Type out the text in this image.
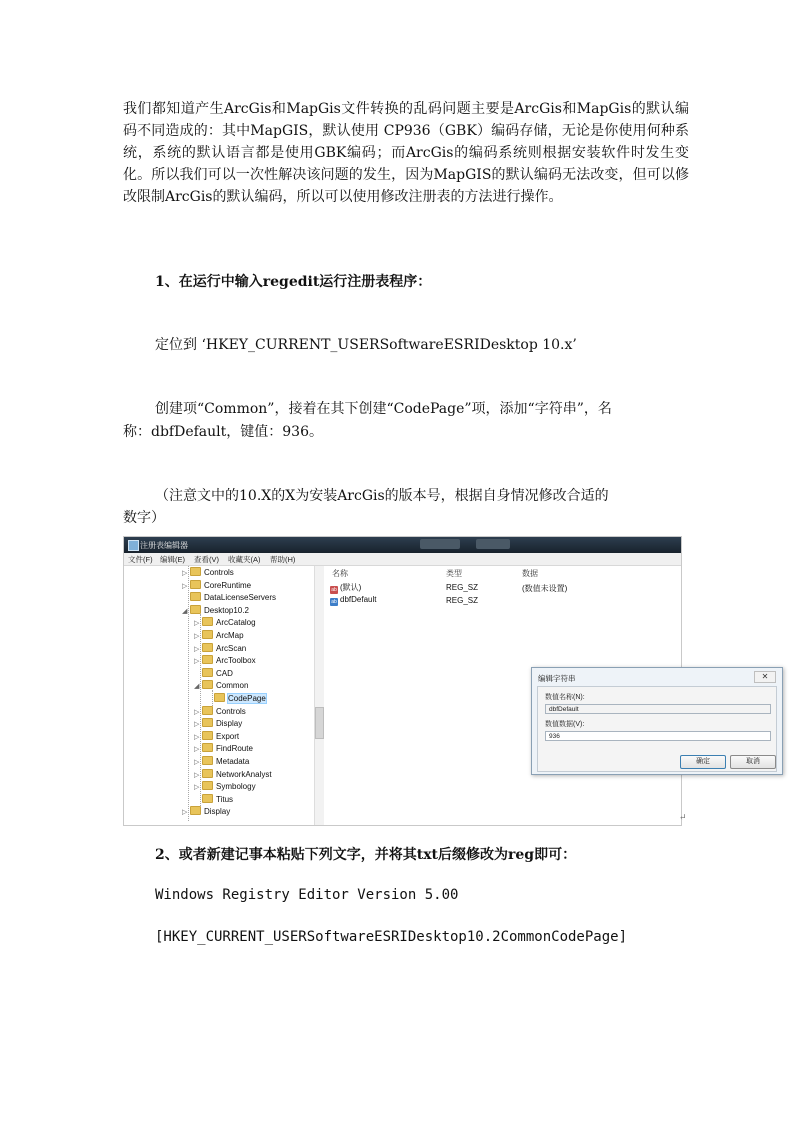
我们都知道产生ArcGis和MapGis文件转换的乱码问题主要是ArcGis和MapGis的默认编码不同造成的：其中MapGIS，默认使用 CP936（GBK）编码存储，无论是你使用何种系统，系统的默认语言都是使用GBK编码；而ArcGis的编码系统则根据安装软件时发生变化。所以我们可以一次性解决该问题的发生，因为MapGIS的默认编码无法改变，但可以修改限制ArcGis的默认编码，所以可以使用修改注册表的方法进行操作。
1、在运行中输入regedit运行注册表程序：
定位到 ‘HKEY_CURRENT_USERSoftwareESRIDesktop 10.x’
创建项“Common”，接着在其下创建“CodePage”项，添加“字符串”，名
称：dbfDefault，键值：936。
（注意文中的10.X的X为安装ArcGis的版本号，根据自身情况修改合适的
数字）
注册表编辑器
文件(F) 编辑(E) 查看(V) 收藏夹(A) 帮助(H)
▷ Controls
▷ CoreRuntime
DataLicenseServers
◢ Desktop10.2
▷ ArcCatalog
▷ ArcMap
▷ ArcScan
▷ ArcToolbox
CAD
◢ Common
CodePage
▷ Controls
▷ Display
▷ Export
▷ FindRoute
▷ Metadata
▷ NetworkAnalyst
▷ Symbology
Titus
▷ Display
名称	类型	数据
ab (默认)	REG_SZ	(数值未设置)
ab dbfDefault	REG_SZ
编辑字符串	✕
数值名称(N):
dbfDefault
数值数据(V):
936
确定	取消
↵
2、或者新建记事本粘贴下列文字，并将其txt后缀修改为reg即可：
Windows Registry Editor Version 5.00
[HKEY_CURRENT_USERSoftwareESRIDesktop10.2CommonCodePage]
